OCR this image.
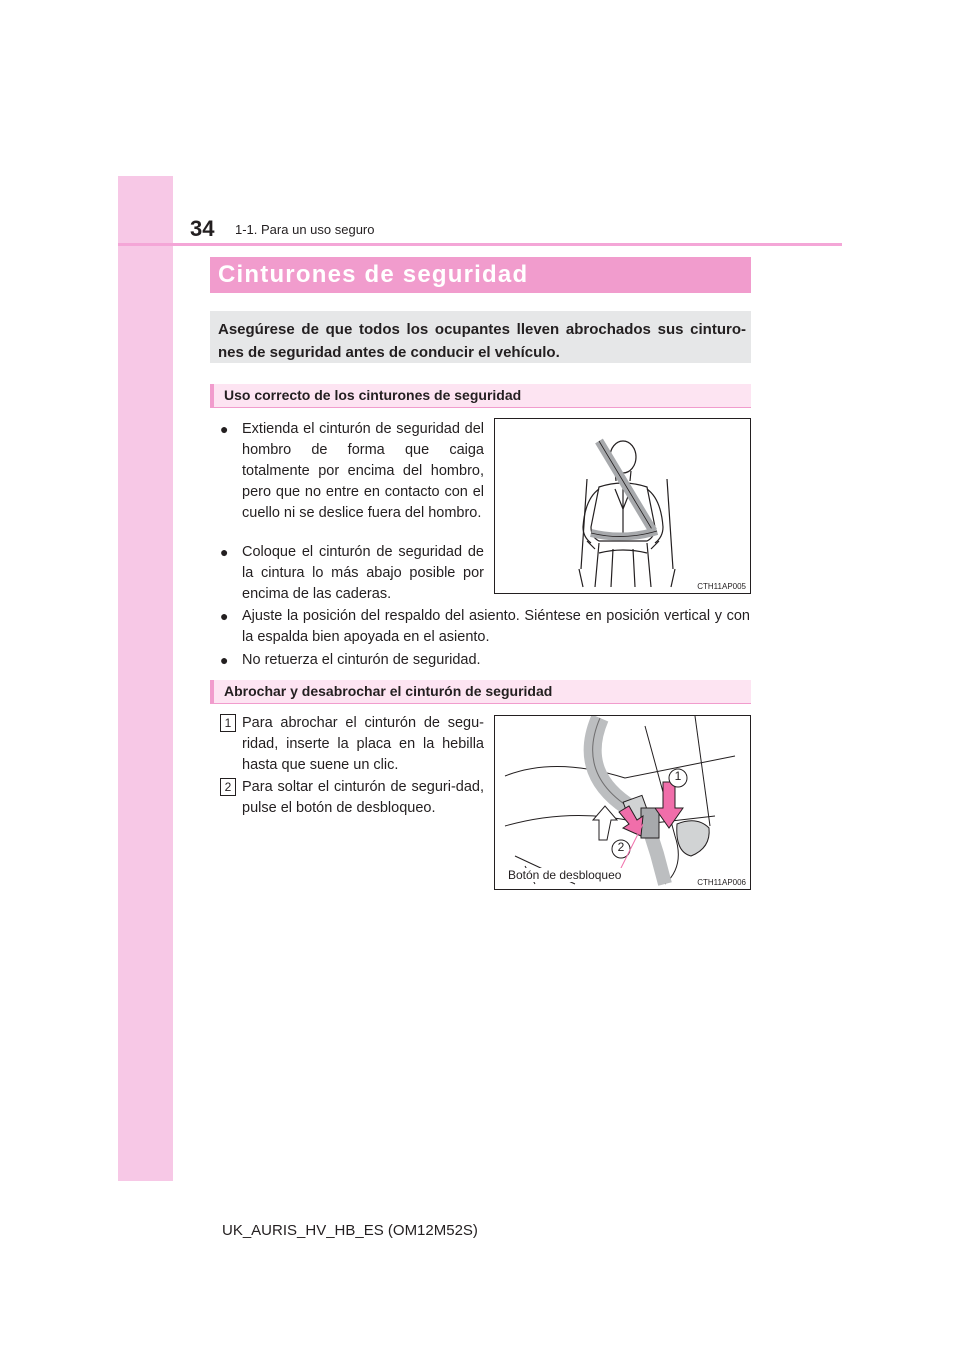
34 1-1. Para un uso seguro
Cinturones de seguridad
Asegúrese de que todos los ocupantes lleven abrochados sus cinturo-nes de seguridad antes de conducir el vehículo.
Uso correcto de los cinturones de seguridad
● Extienda el cinturón de seguridad del hombro de forma que caiga totalmente por encima del hombro, pero que no entre en contacto con el cuello ni se deslice fuera del hombro.
● Coloque el cinturón de seguridad de la cintura lo más abajo posible por encima de las caderas.
● Ajuste la posición del respaldo del asiento. Siéntese en posición vertical y con la espalda bien apoyada en el asiento.
● No retuerza el cinturón de seguridad.
CTH11AP005
Abrochar y desabrochar el cinturón de seguridad
1 Para abrochar el cinturón de segu-ridad, inserte la placa en la hebilla hasta que suene un clic.
2 Para soltar el cinturón de seguri-dad, pulse el botón de desbloqueo.
1
2
Botón de desbloqueo
CTH11AP006
UK_AURIS_HV_HB_ES (OM12M52S)
